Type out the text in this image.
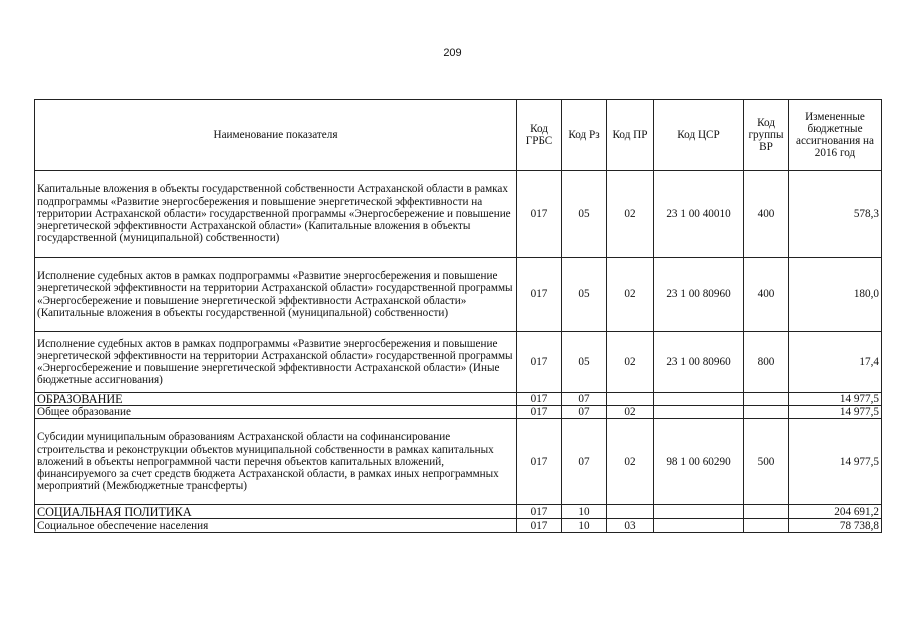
209
Наименование показателя	Код ГРБС	Код Рз	Код ПР	Код ЦСР	Код группы ВР	Измененные бюджетные ассигнования на 2016 год
Капитальные вложения в объекты государственной собственности Астраханской области в рамках подпрограммы «Развитие энергосбережения и повышение энергетической эффективности на территории Астраханской области» государственной программы «Энергосбережение и повышение энергетической эффективности Астраханской области» (Капитальные вложения в объекты государственной (муниципальной) собственности)	017	05	02	23 1 00 40010	400	578,3
Исполнение судебных актов в рамках подпрограммы «Развитие энергосбережения и повышение энергетической эффективности на территории Астраханской области» государственной программы «Энергосбережение и повышение энергетической эффективности Астраханской области» (Капитальные вложения в объекты государственной (муниципальной) собственности)	017	05	02	23 1 00 80960	400	180,0
Исполнение судебных актов в рамках подпрограммы «Развитие энергосбережения и повышение энергетической эффективности на территории Астраханской области» государственной программы «Энергосбережение и повышение энергетической эффективности Астраханской области» (Иные бюджетные ассигнования)	017	05	02	23 1 00 80960	800	17,4
ОБРАЗОВАНИЕ	017	07				14 977,5
Общее образование	017	07	02			14 977,5
Субсидии муниципальным образованиям Астраханской области на софинансирование строительства и реконструкции объектов муниципальной собственности в рамках капитальных вложений в объекты непрограммной части перечня объектов капитальных вложений, финансируемого за счет средств бюджета Астраханской области, в рамках иных непрограммных мероприятий (Межбюджетные трансферты)	017	07	02	98 1 00 60290	500	14 977,5
СОЦИАЛЬНАЯ ПОЛИТИКА	017	10				204 691,2
Социальное обеспечение населения	017	10	03			78 738,8
